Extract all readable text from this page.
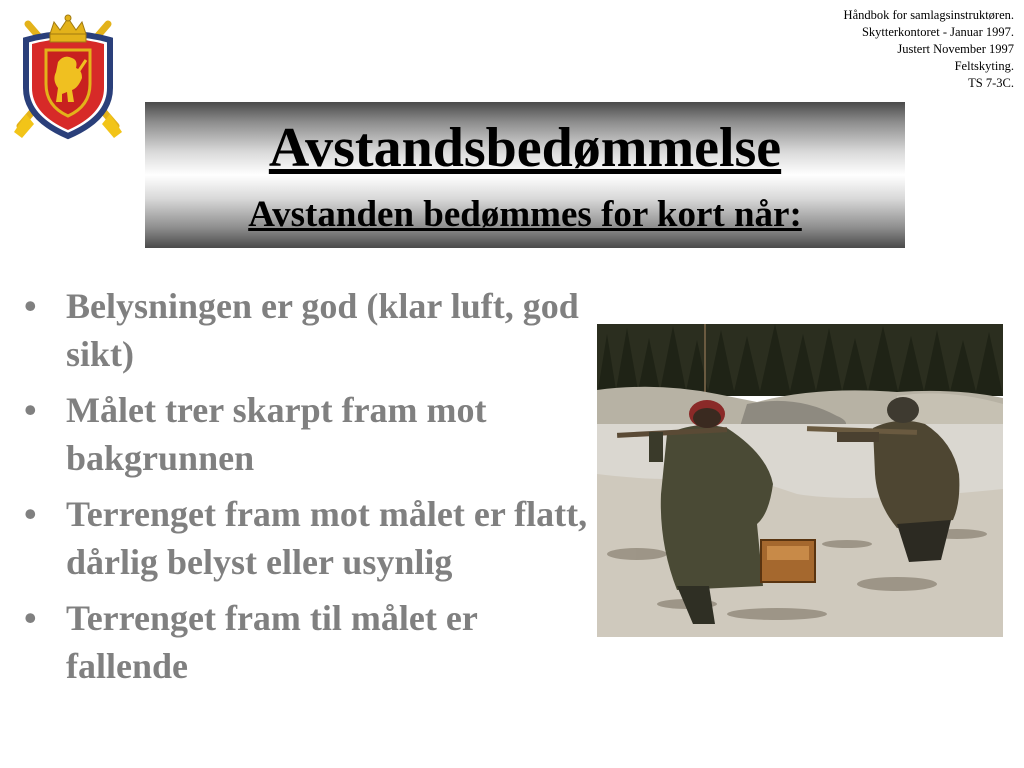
Håndbok for samlagsinstruktøren.
Skytterkontoret - Januar 1997.
Justert November 1997
Feltskyting.
TS 7-3C.
Avstandsbedømmelse
Avstanden bedømmes for kort når:
• Belysningen er god (klar luft, god sikt)
• Målet trer skarpt fram mot bakgrunnen
• Terrenget fram mot målet er flatt, dårlig belyst eller usynlig
• Terrenget fram til målet er fallende
